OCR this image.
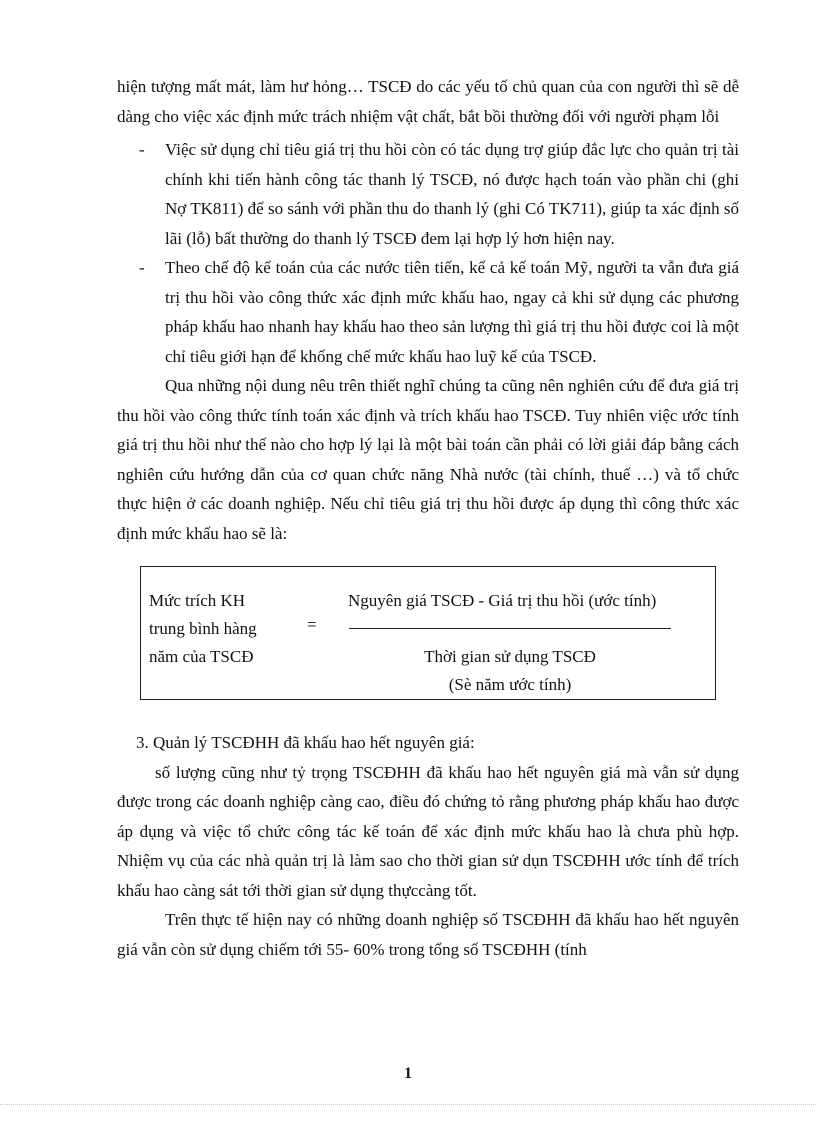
hiện tượng mất mát, làm hư hỏng… TSCĐ do các yếu tố chủ quan của con người thì sẽ dễ dàng cho việc xác định mức trách nhiệm vật chất, bắt bồi thường đối với người phạm lỗi

- Việc sử dụng chỉ tiêu giá trị thu hồi còn có tác dụng trợ giúp đắc lực cho quản trị tài chính khi tiến hành công tác thanh lý TSCĐ, nó được hạch toán vào phần chi (ghi Nợ TK811) để so sánh với phần thu do thanh lý (ghi Có TK711), giúp ta xác định số lãi (lỗ) bất thường do thanh lý TSCĐ đem lại hợp lý hơn hiện nay.
- Theo chế độ kế toán của các nước tiên tiến, kể cả kế toán Mỹ, người ta vẫn đưa giá trị thu hồi vào công thức xác định mức khấu hao, ngay cả khi sử dụng các phương pháp khấu hao nhanh hay khấu hao theo sản lượng thì giá trị thu hồi được coi là một chỉ tiêu giới hạn để khống chế mức khấu hao luỹ kế của TSCĐ.

Qua những nội dung nêu trên thiết nghĩ chúng ta cũng nên nghiên cứu để đưa giá trị thu hồi vào công thức tính toán xác định và trích khấu hao TSCĐ. Tuy nhiên việc ước tính giá trị thu hồi như thế nào cho hợp lý lại là một bài toán cần phải có lời giải đáp bằng cách nghiên cứu hướng dẫn của cơ quan chức năng Nhà nước (tài chính, thuế …) và tổ chức thực hiện ở các doanh nghiệp. Nếu chỉ tiêu giá trị thu hồi được áp dụng thì công thức xác định mức khấu hao sẽ là:

Mức trích KH
trung bình hàng
năm của TSCĐ
=
Nguyên giá TSCĐ - Giá trị thu hồi (ước tính)
Thời gian sử dụng TSCĐ
(Sè năm ước tính)

3. Quản lý TSCĐHH đã khấu hao hết nguyên giá:

số lượng cũng như tỷ trọng TSCĐHH đã khấu hao hết nguyên giá mà vẫn sử dụng được trong các doanh nghiệp càng cao, điều đó chứng tỏ rằng phương pháp khấu hao được áp dụng và việc tổ chức công tác kế toán để xác định mức khấu hao là chưa phù hợp. Nhiệm vụ của các nhà quản trị là làm sao cho thời gian sử dụn TSCĐHH ước tính để trích khấu hao càng sát tới thời gian sử dụng thựccàng tốt.

Trên thực tế hiện nay có những doanh nghiệp số TSCĐHH đã khấu hao hết nguyên giá vẫn còn sử dụng chiếm tới 55- 60% trong tổng số TSCĐHH (tính

1
